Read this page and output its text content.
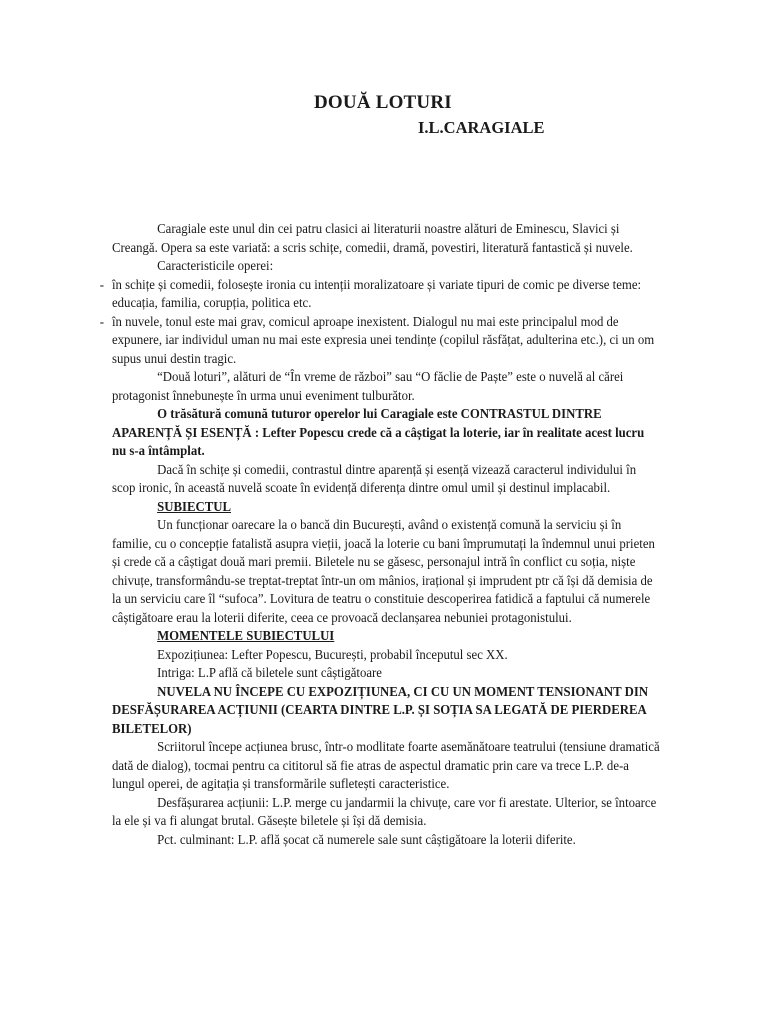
DOUĂ LOTURI
I.L.CARAGIALE

Caragiale este unul din cei patru clasici ai literaturii noastre alături de Eminescu, Slavici și Creangă. Opera sa este variată: a scris schițe, comedii, dramă, povestiri, literatură fantastică și nuvele.

Caracteristicile operei:

- în schițe și comedii, folosește ironia cu intenții moralizatoare și variate tipuri de comic pe diverse teme: educația, familia, corupția, politica etc.

- în nuvele, tonul este mai grav, comicul aproape inexistent. Dialogul nu mai este principalul mod de expunere, iar individul uman nu mai este expresia unei tendințe (copilul răsfățat, adulterina etc.), ci un om supus unui destin tragic.

“Două loturi”, alături de “În vreme de război” sau “O făclie de Paște” este o nuvelă al cărei protagonist înnebunește în urma unui eveniment tulburător.

O trăsătură comună tuturor operelor lui Caragiale este CONTRASTUL DINTRE APARENȚĂ ȘI ESENȚĂ : Lefter Popescu crede că a câștigat la loterie, iar în realitate acest lucru nu s-a întâmplat.

Dacă în schițe și comedii, contrastul dintre aparență și esență vizează caracterul individului în scop ironic, în această nuvelă scoate în evidență diferența dintre omul umil și destinul implacabil.

SUBIECTUL

Un funcționar oarecare la o bancă din București, având o existență comună la serviciu și în familie, cu o concepție fatalistă asupra vieții, joacă la loterie cu bani împrumutați la îndemnul unui prieten și crede că a câștigat două mari premii. Biletele nu se găsesc, personajul intră în conflict cu soția, niște chivuțe, transformându-se treptat-treptat într-un om mânios, irațional și imprudent ptr că își dă demisia de la un serviciu care îl “sufoca”. Lovitura de teatru o constituie descoperirea fatidică a faptului că numerele câștigătoare erau la loterii diferite, ceea ce provoacă declanșarea nebuniei protagonistului.

MOMENTELE SUBIECTULUI

Expozițiunea: Lefter Popescu, București, probabil începutul sec XX.

Intriga: L.P află că biletele sunt câștigătoare

NUVELA NU ÎNCEPE CU EXPOZIȚIUNEA, CI CU UN MOMENT TENSIONANT DIN DESFĂȘURAREA ACȚIUNII (CEARTA DINTRE L.P. ȘI SOȚIA SA LEGATĂ DE PIERDEREA BILETELOR)

Scriitorul începe acțiunea brusc, într-o modlitate foarte asemănătoare teatrului (tensiune dramatică dată de dialog), tocmai pentru ca cititorul să fie atras de aspectul dramatic prin care va trece L.P. de-a lungul operei, de agitația și transformările sufletești caracteristice.

Desfășurarea acțiunii: L.P. merge cu jandarmii la chivuțe, care vor fi arestate. Ulterior, se întoarce la ele și va fi alungat brutal. Găsește biletele și își dă demisia.

Pct. culminant: L.P. află șocat că numerele sale sunt câștigătoare la loterii diferite.
